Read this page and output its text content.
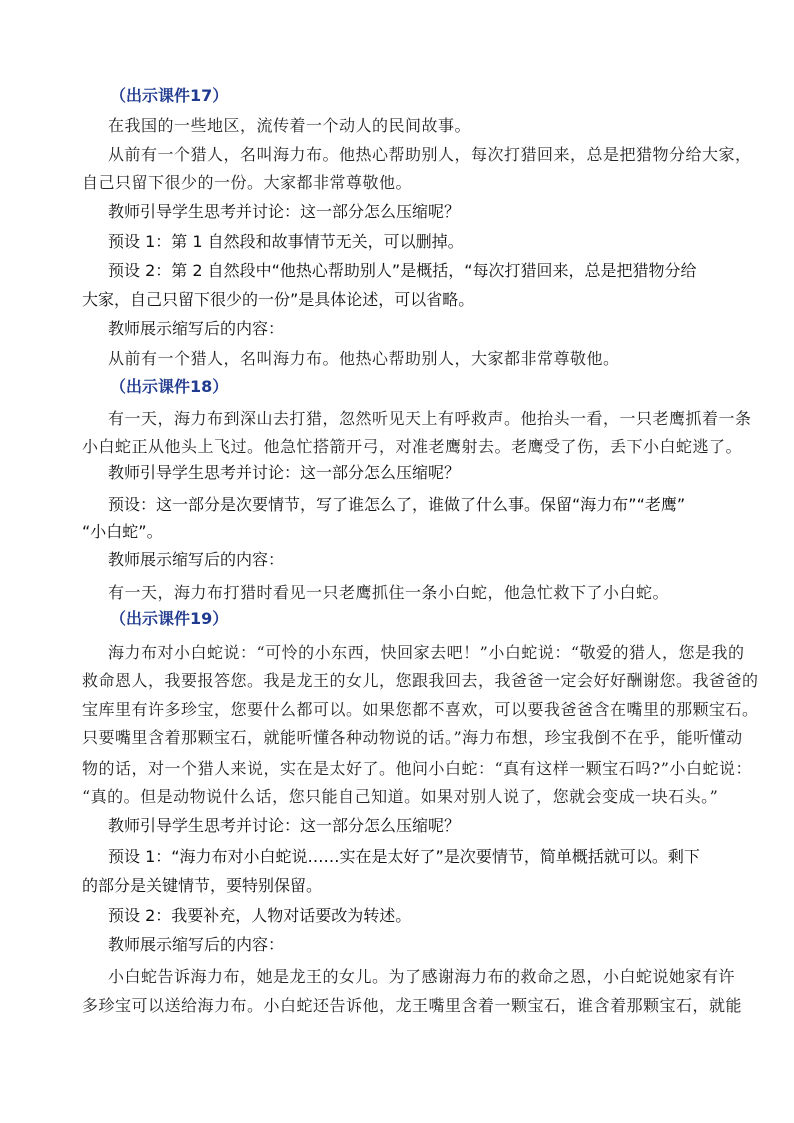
（出示课件17）
在我国的一些地区，流传着一个动人的民间故事。
从前有一个猎人，名叫海力布。他热心帮助别人，每次打猎回来，总是把猎物分给大家，
自己只留下很少的一份。大家都非常尊敬他。
教师引导学生思考并讨论：这一部分怎么压缩呢？
预设 1：第 1 自然段和故事情节无关，可以删掉。
预设 2：第 2 自然段中“他热心帮助别人”是概括，“每次打猎回来，总是把猎物分给
大家，自己只留下很少的一份”是具体论述，可以省略。
教师展示缩写后的内容：
从前有一个猎人，名叫海力布。他热心帮助别人，大家都非常尊敬他。
（出示课件18）
有一天，海力布到深山去打猎，忽然听见天上有呼救声。他抬头一看，一只老鹰抓着一条
小白蛇正从他头上飞过。他急忙搭箭开弓，对准老鹰射去。老鹰受了伤，丢下小白蛇逃了。
教师引导学生思考并讨论：这一部分怎么压缩呢？
预设：这一部分是次要情节，写了谁怎么了，谁做了什么事。保留“海力布”“老鹰”
“小白蛇”。
教师展示缩写后的内容：
有一天，海力布打猎时看见一只老鹰抓住一条小白蛇，他急忙救下了小白蛇。
（出示课件19）
海力布对小白蛇说：“可怜的小东西，快回家去吧！”小白蛇说：“敬爱的猎人，您是我的
救命恩人，我要报答您。我是龙王的女儿，您跟我回去，我爸爸一定会好好酬谢您。我爸爸的
宝库里有许多珍宝，您要什么都可以。如果您都不喜欢，可以要我爸爸含在嘴里的那颗宝石。
只要嘴里含着那颗宝石，就能听懂各种动物说的话。”海力布想，珍宝我倒不在乎，能听懂动
物的话，对一个猎人来说，实在是太好了。他问小白蛇：“真有这样一颗宝石吗?”小白蛇说：
“真的。但是动物说什么话，您只能自己知道。如果对别人说了，您就会变成一块石头。”
教师引导学生思考并讨论：这一部分怎么压缩呢？
预设 1：“海力布对小白蛇说……实在是太好了”是次要情节，简单概括就可以。剩下
的部分是关键情节，要特别保留。
预设 2：我要补充，人物对话要改为转述。
教师展示缩写后的内容：
小白蛇告诉海力布，她是龙王的女儿。为了感谢海力布的救命之恩，小白蛇说她家有许
多珍宝可以送给海力布。小白蛇还告诉他，龙王嘴里含着一颗宝石，谁含着那颗宝石，就能
